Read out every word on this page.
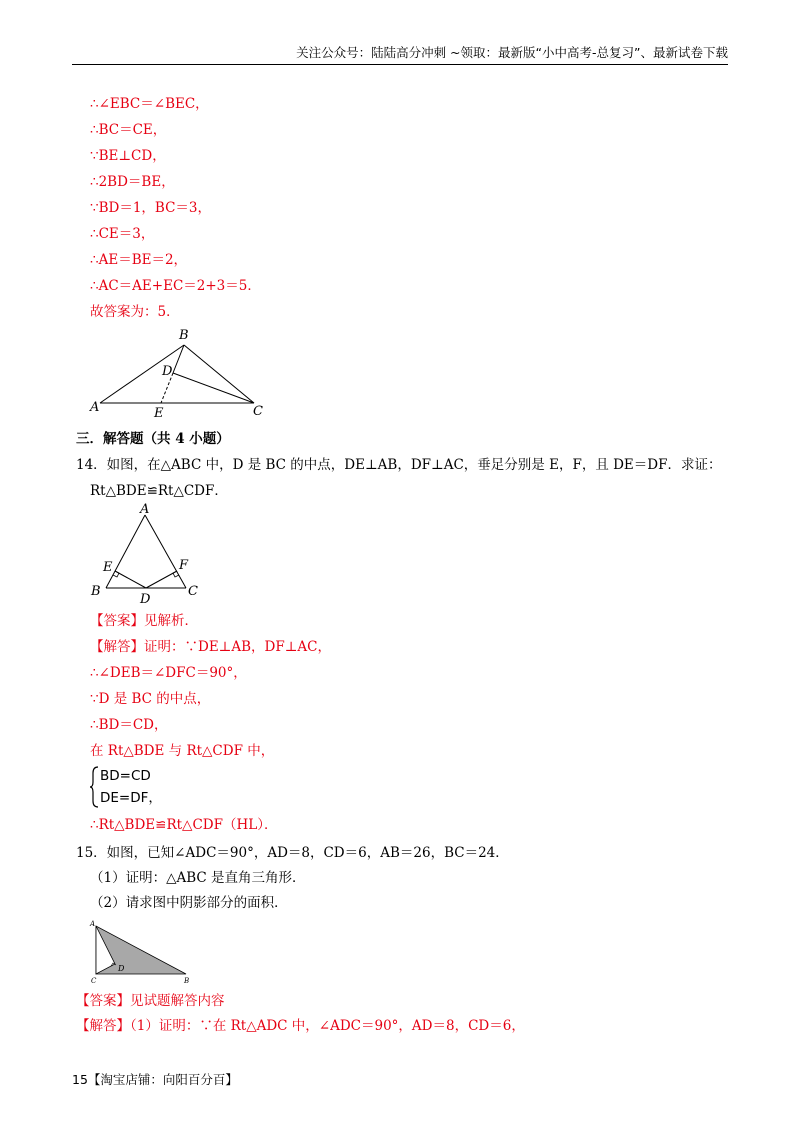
关注公众号：陆陆高分冲刺 ~领取：最新版“小中高考-总复习”、最新试卷下载
∴∠EBC＝∠BEC，
∴BC＝CE，
∵BE⊥CD，
∴2BD＝BE，
∵BD＝1，BC＝3，
∴CE＝3，
∴AE＝BE＝2，
∴AC＝AE+EC＝2+3＝5．
故答案为：5．
B
D
A	E	C
三．解答题（共 4 小题）
14．如图，在△ABC 中，D 是 BC 的中点，DE⊥AB，DF⊥AC，垂足分别是 E，F，且 DE＝DF．求证：
Rt△BDE≌Rt△CDF．
A
E	F
B
D
C
【答案】见解析．
【解答】证明：∵DE⊥AB，DF⊥AC，
∴∠DEB＝∠DFC＝90°，
∵D 是 BC 的中点，
∴BD＝CD，
在 Rt△BDE 与 Rt△CDF 中，
BD=CD
DE=DF，
∴Rt△BDE≌Rt△CDF（HL）．
15．如图，已知∠ADC＝90°，AD＝8，CD＝6，AB＝26，BC＝24．
（1）证明：△ABC 是直角三角形．
（2）请求图中阴影部分的面积．
A
C
D
B
【答案】见试题解答内容
【解答】（1）证明：∵在 Rt△ADC 中，∠ADC＝90°，AD＝8，CD＝6，
15【淘宝店铺：向阳百分百】
